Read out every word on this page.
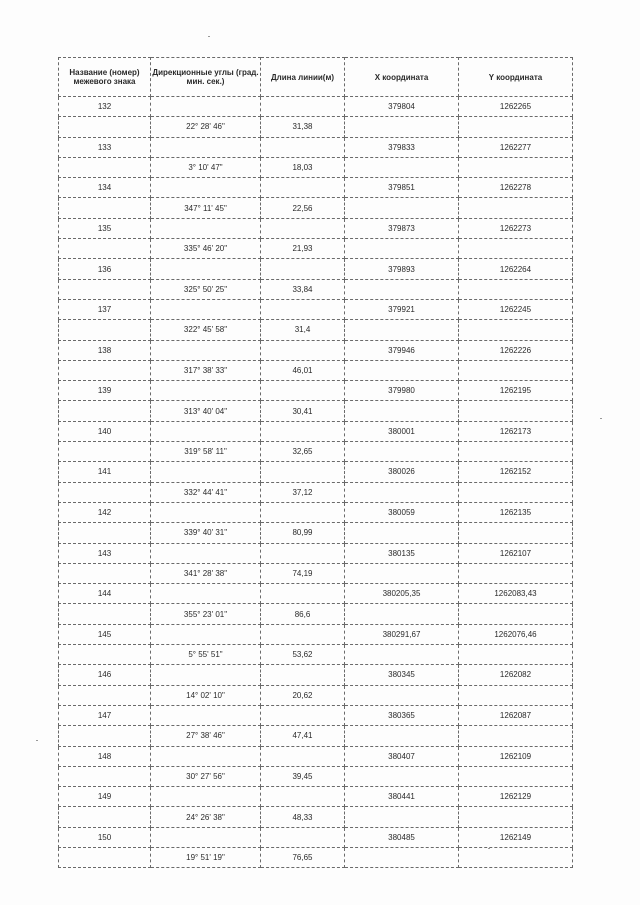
Название (номер) межевого знака	Дирекционные углы (град. мин. сек.)	Длина линии(м)	X координата	Y координата
132			379804	1262265
	22° 28' 46"	31,38		
133			379833	1262277
	3° 10' 47"	18,03		
134			379851	1262278
	347° 11' 45"	22,56		
135			379873	1262273
	335° 46' 20"	21,93		
136			379893	1262264
	325° 50' 25"	33,84		
137			379921	1262245
	322° 45' 58"	31,4		
138			379946	1262226
	317° 38' 33"	46,01		
139			379980	1262195
	313° 40' 04"	30,41		
140			380001	1262173
	319° 58' 11"	32,65		
141			380026	1262152
	332° 44' 41"	37,12		
142			380059	1262135
	339° 40' 31"	80,99		
143			380135	1262107
	341° 28' 38"	74,19		
144			380205,35	1262083,43
	355° 23' 01"	86,6		
145			380291,67	1262076,46
	5° 55' 51"	53,62		
146			380345	1262082
	14° 02' 10"	20,62		
147			380365	1262087
	27° 38' 46"	47,41		
148			380407	1262109
	30° 27' 56"	39,45		
149			380441	1262129
	24° 26' 38"	48,33		
150			380485	1262149
	19° 51' 19"	76,65		
